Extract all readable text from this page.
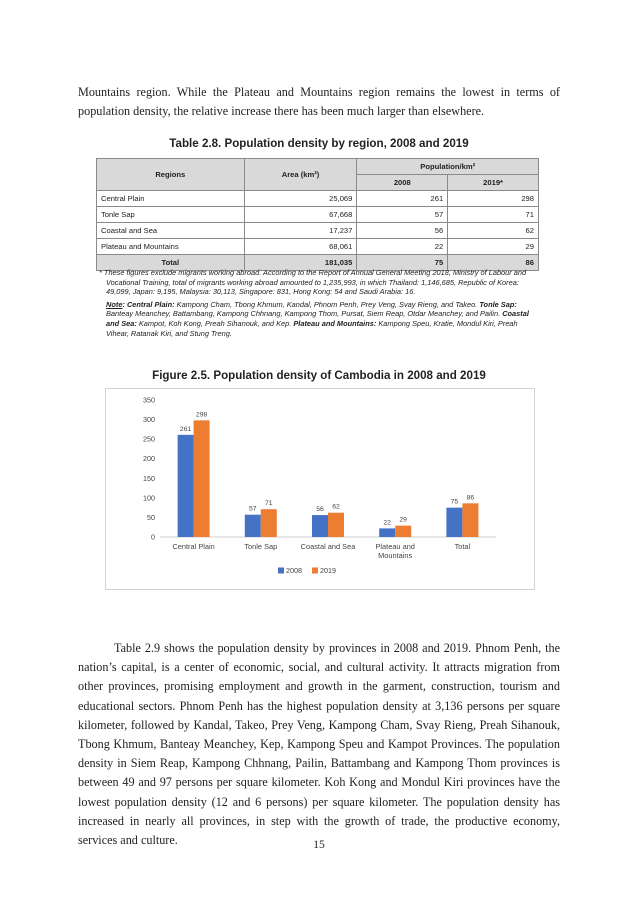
Mountains region. While the Plateau and Mountains region remains the lowest in terms of population density, the relative increase there has been much larger than elsewhere.

Table 2.8. Population density by region, 2008 and 2019
Regions	Area (km²)	Population/km²	
		2008	2019*
Central Plain	25,069	261	298
Tonle Sap	67,668	57	71
Coastal and Sea	17,237	56	62
Plateau and Mountains	68,061	22	29
Total	181,035	75	86

* These figures exclude migrants working abroad. According to the Report of Annual General Meeting 2018, Ministry of Labour and Vocational Training, total of migrants working abroad amounted to 1,235,993, in which Thailand: 1,146,685, Republic of Korea: 49,099, Japan: 9,195, Malaysia: 30,113, Singapore: 831, Hong Kong: 54 and Saudi Arabia: 16.

Note: Central Plain: Kampong Cham, Tbong Khmum, Kandal, Phnom Penh, Prey Veng, Svay Rieng, and Takeo. Tonle Sap: Banteay Meanchey, Battambang, Kampong Chhnang, Kampong Thom, Pursat, Siem Reap, Otdar Meanchey, and Pailin. Coastal and Sea: Kampot, Koh Kong, Preah Sihanouk, and Kep. Plateau and Mountains: Kampong Speu, Kratie, Mondul Kiri, Preah Vihear, Ratanak Kiri, and Stung Treng.

Figure 2.5. Population density of Cambodia in 2008 and 2019
0
50
100
150
200
250
300
350
261
298
Central Plain
57
71
Tonle Sap
56 62
Coastal and Sea
22 29
Plateau and
Mountains
75
86
Total
2008	2019

Table 2.9 shows the population density by provinces in 2008 and 2019. Phnom Penh, the nation’s capital, is a center of economic, social, and cultural activity. It attracts migration from other provinces, promising employment and growth in the garment, construction, tourism and educational sectors. Phnom Penh has the highest population density at 3,136 persons per square kilometer, followed by Kandal, Takeo, Prey Veng, Kampong Cham, Svay Rieng, Preah Sihanouk, Tbong Khmum, Banteay Meanchey, Kep, Kampong Speu and Kampot Provinces. The population density in Siem Reap, Kampong Chhnang, Pailin, Battambang and Kampong Thom provinces is between 49 and 97 persons per square kilometer. Koh Kong and Mondul Kiri provinces have the lowest population density (12 and 6 persons) per square kilometer. The population density has increased in nearly all provinces, in step with the growth of trade, the productive economy, services and culture.	15
